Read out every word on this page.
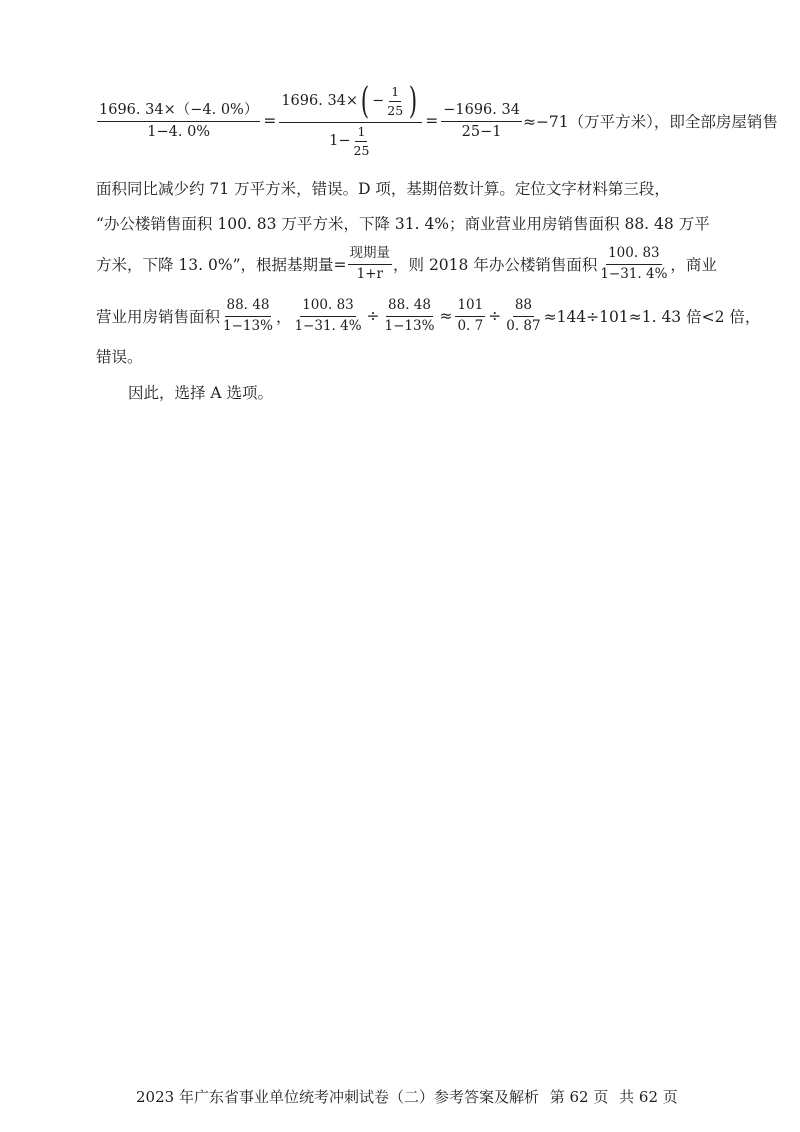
$\frac{1696. 34\times(-4. 0\%)}{1-4. 0\%}$ =
1696. 34× ( − $\frac{1}{25}$ )
$1- \frac{1}{25}$
= $\frac{-1696. 34}{25-1} \approx-71$（万平方米），即全部房屋销售
面积同比减少约 71 万平方米，错误。D 项，基期倍数计算。定位文字材料第三段，
“办公楼销售面积 100. 83 万平方米，下降 31. 4%；商业营业用房销售面积 88. 48 万平
方米，下降 13. 0%”，根据基期量= $\frac{\text{现期量}}{1+r}$ ，则 2018 年办公楼销售面积 $\frac{100. 83}{1-31. 4\%}$ ，商业
营业用房销售面积 $\frac{88. 48}{1-13\%}$ ， $\frac{100. 83}{1-31. 4\%} \div \frac{88. 48}{1-13\%} \approx \frac{101}{0. 7} \div \frac{88}{0. 87} \approx 144\div 101\approx 1$. 43 倍<2 倍，
错误。
因此，选择 A 选项。
2023 年广东省事业单位统考冲刺试卷（二）参考答案及解析 第 62 页 共 62 页
